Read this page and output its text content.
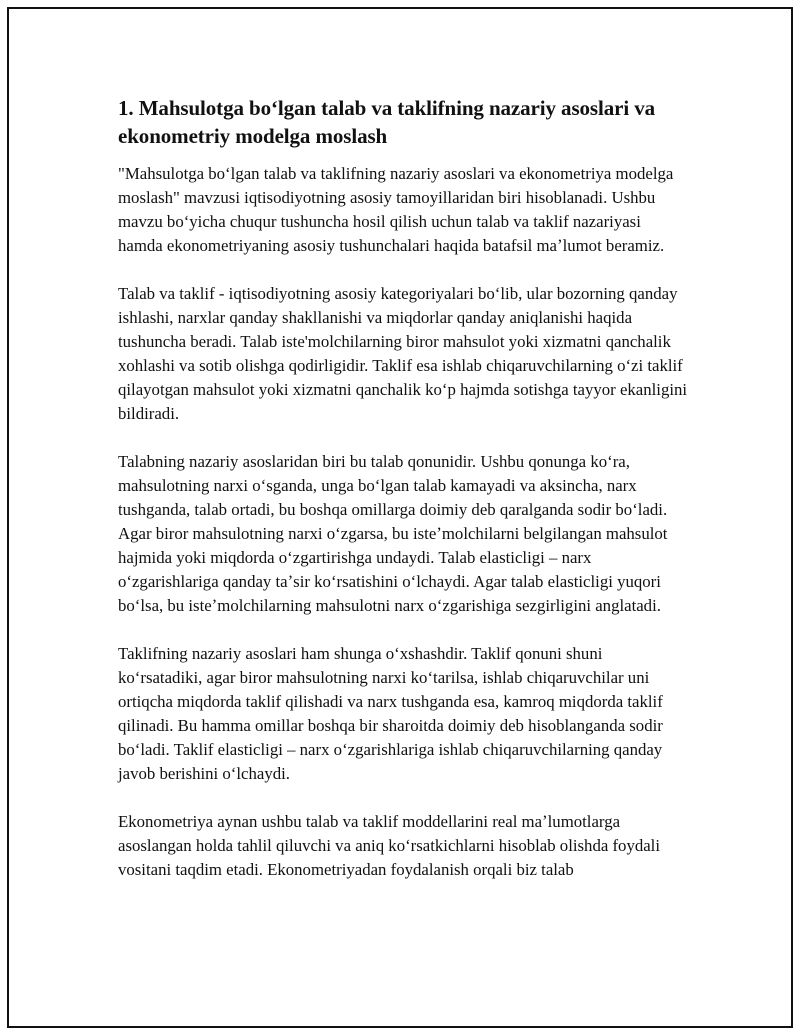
1. Mahsulotga boʻlgan talab va taklifning nazariy asoslari va ekonometriy modelga moslash

"Mahsulotga boʻlgan talab va taklifning nazariy asoslari va ekonometriya modelga moslash" mavzusi iqtisodiyotning asosiy tamoyillaridan biri hisoblanadi. Ushbu mavzu boʻyicha chuqur tushuncha hosil qilish uchun talab va taklif nazariyasi hamda ekonometriyaning asosiy tushunchalari haqida batafsil maʼlumot beramiz.

Talab va taklif - iqtisodiyotning asosiy kategoriyalari boʻlib, ular bozorning qanday ishlashi, narxlar qanday shakllanishi va miqdorlar qanday aniqlanishi haqida tushuncha beradi. Talab iste'molchilarning biror mahsulot yoki xizmatni qanchalik xohlashi va sotib olishga qodirligidir. Taklif esa ishlab chiqaruvchilarning oʻzi taklif qilayotgan mahsulot yoki xizmatni qanchalik koʻp hajmda sotishga tayyor ekanligini bildiradi.

Talabning nazariy asoslaridan biri bu talab qonunidir. Ushbu qonunga koʻra, mahsulotning narxi oʻsganda, unga boʻlgan talab kamayadi va aksincha, narx tushganda, talab ortadi, bu boshqa omillarga doimiy deb qaralganda sodir boʻladi. Agar biror mahsulotning narxi oʻzgarsa, bu isteʼmolchilarni belgilangan mahsulot hajmida yoki miqdorda oʻzgartirishga undaydi. Talab elasticligi – narx oʻzgarishlariga qanday taʼsir koʻrsatishini oʻlchaydi. Agar talab elasticligi yuqori boʻlsa, bu isteʼmolchilarning mahsulotni narx oʻzgarishiga sezgirligini anglatadi.

Taklifning nazariy asoslari ham shunga oʻxshashdir. Taklif qonuni shuni koʻrsatadiki, agar biror mahsulotning narxi koʻtarilsa, ishlab chiqaruvchilar uni ortiqcha miqdorda taklif qilishadi va narx tushganda esa, kamroq miqdorda taklif qilinadi. Bu hamma omillar boshqa bir sharoitda doimiy deb hisoblanganda sodir boʻladi. Taklif elasticligi – narx oʻzgarishlariga ishlab chiqaruvchilarning qanday javob berishini oʻlchaydi.

Ekonometriya aynan ushbu talab va taklif moddellarini real maʼlumotlarga asoslangan holda tahlil qiluvchi va aniq koʻrsatkichlarni hisoblab olishda foydali vositani taqdim etadi. Ekonometriyadan foydalanish orqali biz talab
